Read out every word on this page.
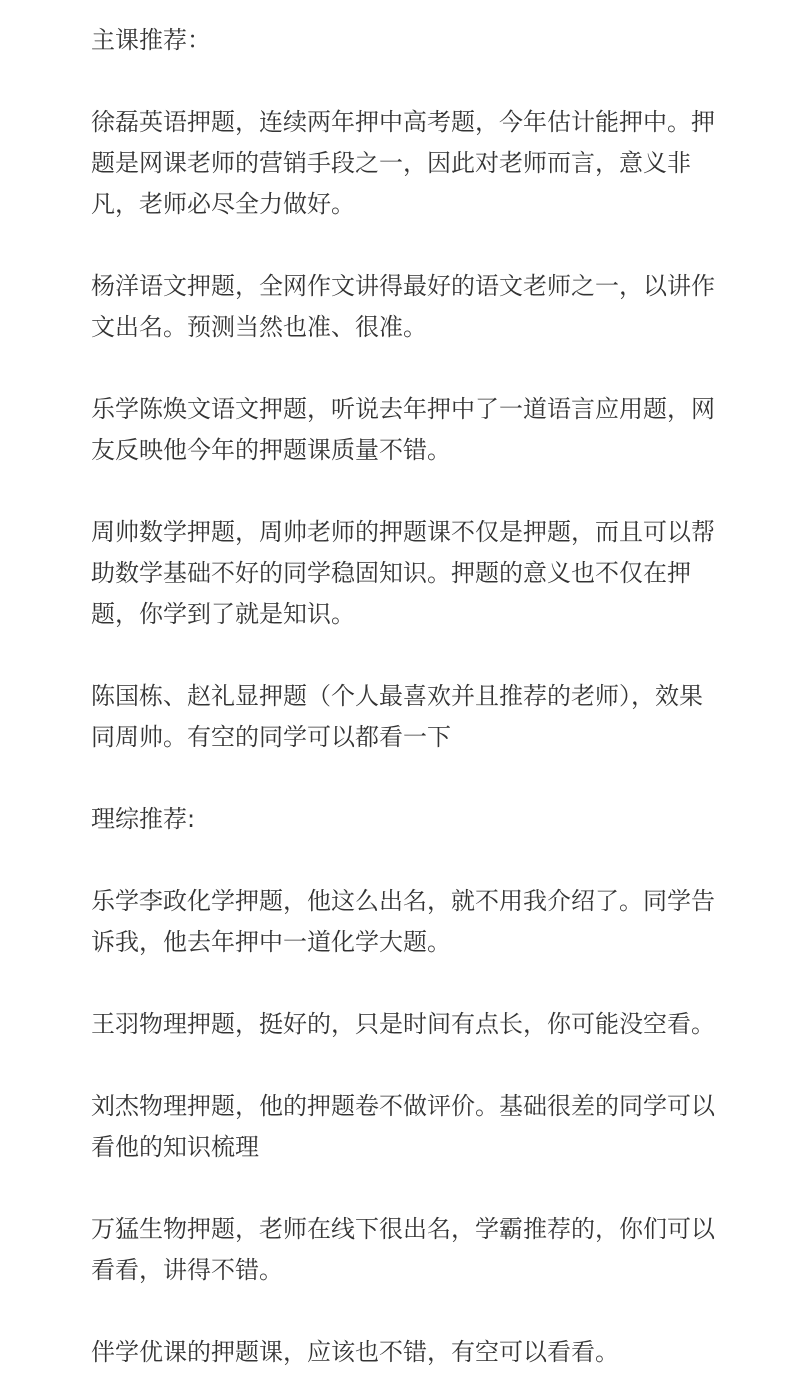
主课推荐：

徐磊英语押题，连续两年押中高考题，今年估计能押中。押题是网课老师的营销手段之一，因此对老师而言，意义非凡，老师必尽全力做好。

杨洋语文押题，全网作文讲得最好的语文老师之一，以讲作文出名。预测当然也准、很准。

乐学陈焕文语文押题，听说去年押中了一道语言应用题，网友反映他今年的押题课质量不错。

周帅数学押题，周帅老师的押题课不仅是押题，而且可以帮助数学基础不好的同学稳固知识。押题的意义也不仅在押题，你学到了就是知识。

陈国栋、赵礼显押题（个人最喜欢并且推荐的老师），效果同周帅。有空的同学可以都看一下

理综推荐:

乐学李政化学押题，他这么出名，就不用我介绍了。同学告诉我，他去年押中一道化学大题。

王羽物理押题，挺好的，只是时间有点长，你可能没空看。

刘杰物理押题，他的押题卷不做评价。基础很差的同学可以看他的知识梳理

万猛生物押题，老师在线下很出名，学霸推荐的，你们可以看看，讲得不错。

伴学优课的押题课，应该也不错，有空可以看看。
